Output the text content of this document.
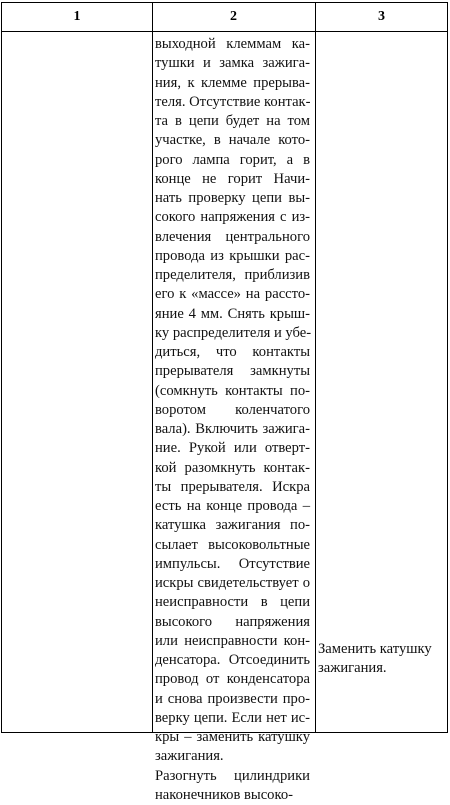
1	2	3
выходной клеммам ка-
тушки и замка зажига-
ния, к клемме прерыва-
теля. Отсутствие контак-
та в цепи будет на том
участке, в начале кото-
рого лампа горит, а в
конце не горит Начи-
нать проверку цепи вы-
сокого напряжения с из-
влечения центрального
провода из крышки рас-
пределителя, приблизив
его к «массе» на рассто-
яние 4 мм. Снять крыш-
ку распределителя и убе-
диться, что контакты
прерывателя замкнуты
(сомкнуть контакты по-
воротом коленчатого
вала). Включить зажига-
ние. Рукой или отверт-
кой разомкнуть контак-
ты прерывателя. Искра
есть на конце провода –
катушка зажигания по-
сылает высоковольтные
импульсы. Отсутствие
искры свидетельствует о
неисправности в цепи
высокого напряжения
или неисправности кон-
денсатора. Отсоединить
провод от конденсатора
и снова произвести про-
верку цепи. Если нет ис-
кры – заменить катушку
зажигания.
Разогнуть цилиндрики
наконечников высоко-
Заменить катушку
зажигания.
